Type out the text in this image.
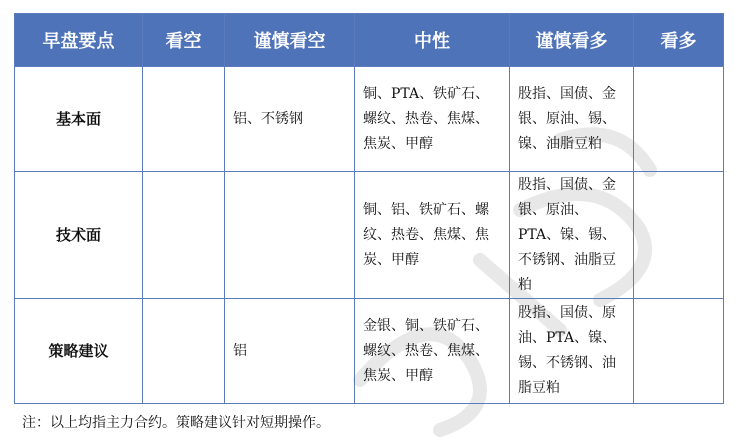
早盘要点	看空	谨慎看空	中性	谨慎看多	看多
基本面		铝、不锈钢	铜、PTA、铁矿石、螺纹、热卷、焦煤、焦炭、甲醇	股指、国债、金银、原油、锡、镍、油脂豆粕	
技术面			铜、铝、铁矿石、螺纹、热卷、焦煤、焦炭、甲醇	股指、国债、金银、原油、PTA、镍、锡、不锈钢、油脂豆粕	
策略建议		铝	金银、铜、铁矿石、螺纹、热卷、焦煤、焦炭、甲醇	股指、国债、原油、PTA、镍、锡、不锈钢、油脂豆粕	
注：以上均指主力合约。策略建议针对短期操作。
